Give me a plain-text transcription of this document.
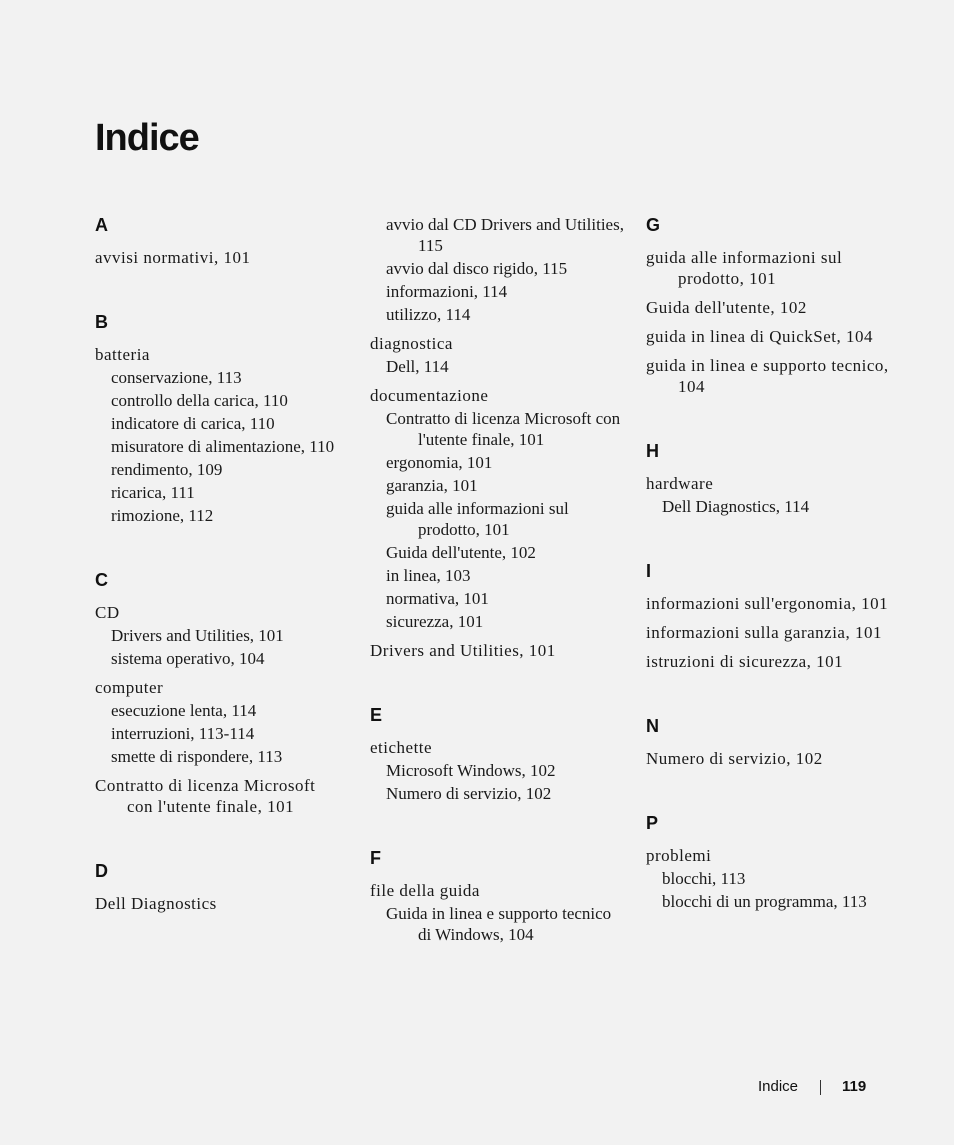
Indice
A
avvisi normativi, 101
B
batteria
conservazione, 113
controllo della carica, 110
indicatore di carica, 110
misuratore di alimentazione, 110
rendimento, 109
ricarica, 111
rimozione, 112
C
CD
Drivers and Utilities, 101
sistema operativo, 104
computer
esecuzione lenta, 114
interruzioni, 113-114
smette di rispondere, 113
Contratto di licenza Microsoft con l'utente finale, 101
D
Dell Diagnostics
avvio dal CD Drivers and Utilities, 115
avvio dal disco rigido, 115
informazioni, 114
utilizzo, 114
diagnostica
Dell, 114
documentazione
Contratto di licenza Microsoft con l'utente finale, 101
ergonomia, 101
garanzia, 101
guida alle informazioni sul prodotto, 101
Guida dell'utente, 102
in linea, 103
normativa, 101
sicurezza, 101
Drivers and Utilities, 101
E
etichette
Microsoft Windows, 102
Numero di servizio, 102
F
file della guida
Guida in linea e supporto tecnico di Windows, 104
G
guida alle informazioni sul prodotto, 101
Guida dell'utente, 102
guida in linea di QuickSet, 104
guida in linea e supporto tecnico, 104
H
hardware
Dell Diagnostics, 114
I
informazioni sull'ergonomia, 101
informazioni sulla garanzia, 101
istruzioni di sicurezza, 101
N
Numero di servizio, 102
P
problemi
blocchi, 113
blocchi di un programma, 113
Indice	119
